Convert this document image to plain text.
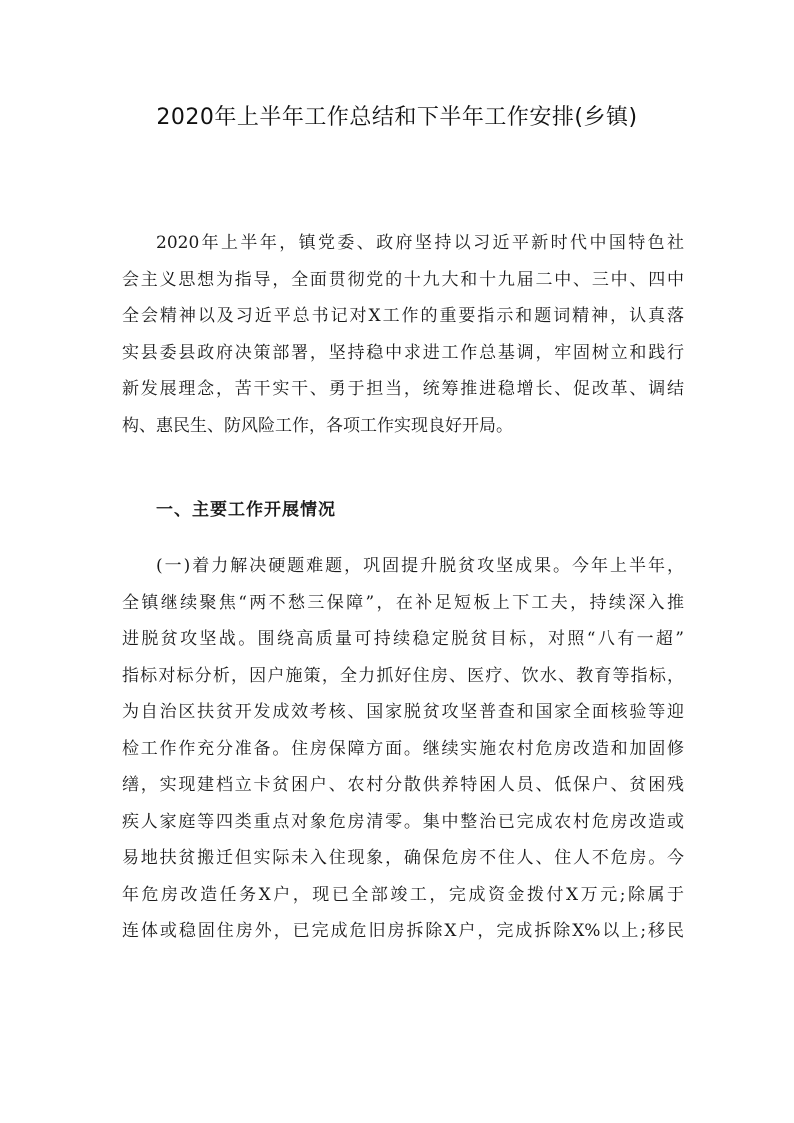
2020年上半年工作总结和下半年工作安排(乡镇)
2020年上半年，镇党委、政府坚持以习近平新时代中国特色社
会主义思想为指导，全面贯彻党的十九大和十九届二中、三中、四中
全会精神以及习近平总书记对X工作的重要指示和题词精神，认真落
实县委县政府决策部署，坚持稳中求进工作总基调，牢固树立和践行
新发展理念，苦干实干、勇于担当，统筹推进稳增长、促改革、调结
构、惠民生、防风险工作，各项工作实现良好开局。
一、主要工作开展情况
(一)着力解决硬题难题，巩固提升脱贫攻坚成果。今年上半年，
全镇继续聚焦“两不愁三保障”，在补足短板上下工夫，持续深入推
进脱贫攻坚战。围绕高质量可持续稳定脱贫目标，对照“八有一超”
指标对标分析，因户施策，全力抓好住房、医疗、饮水、教育等指标，
为自治区扶贫开发成效考核、国家脱贫攻坚普查和国家全面核验等迎
检工作作充分准备。住房保障方面。继续实施农村危房改造和加固修
缮，实现建档立卡贫困户、农村分散供养特困人员、低保户、贫困残
疾人家庭等四类重点对象危房清零。集中整治已完成农村危房改造或
易地扶贫搬迁但实际未入住现象，确保危房不住人、住人不危房。今
年危房改造任务X户，现已全部竣工，完成资金拨付X万元;除属于
连体或稳固住房外，已完成危旧房拆除X户，完成拆除X%以上;移民
